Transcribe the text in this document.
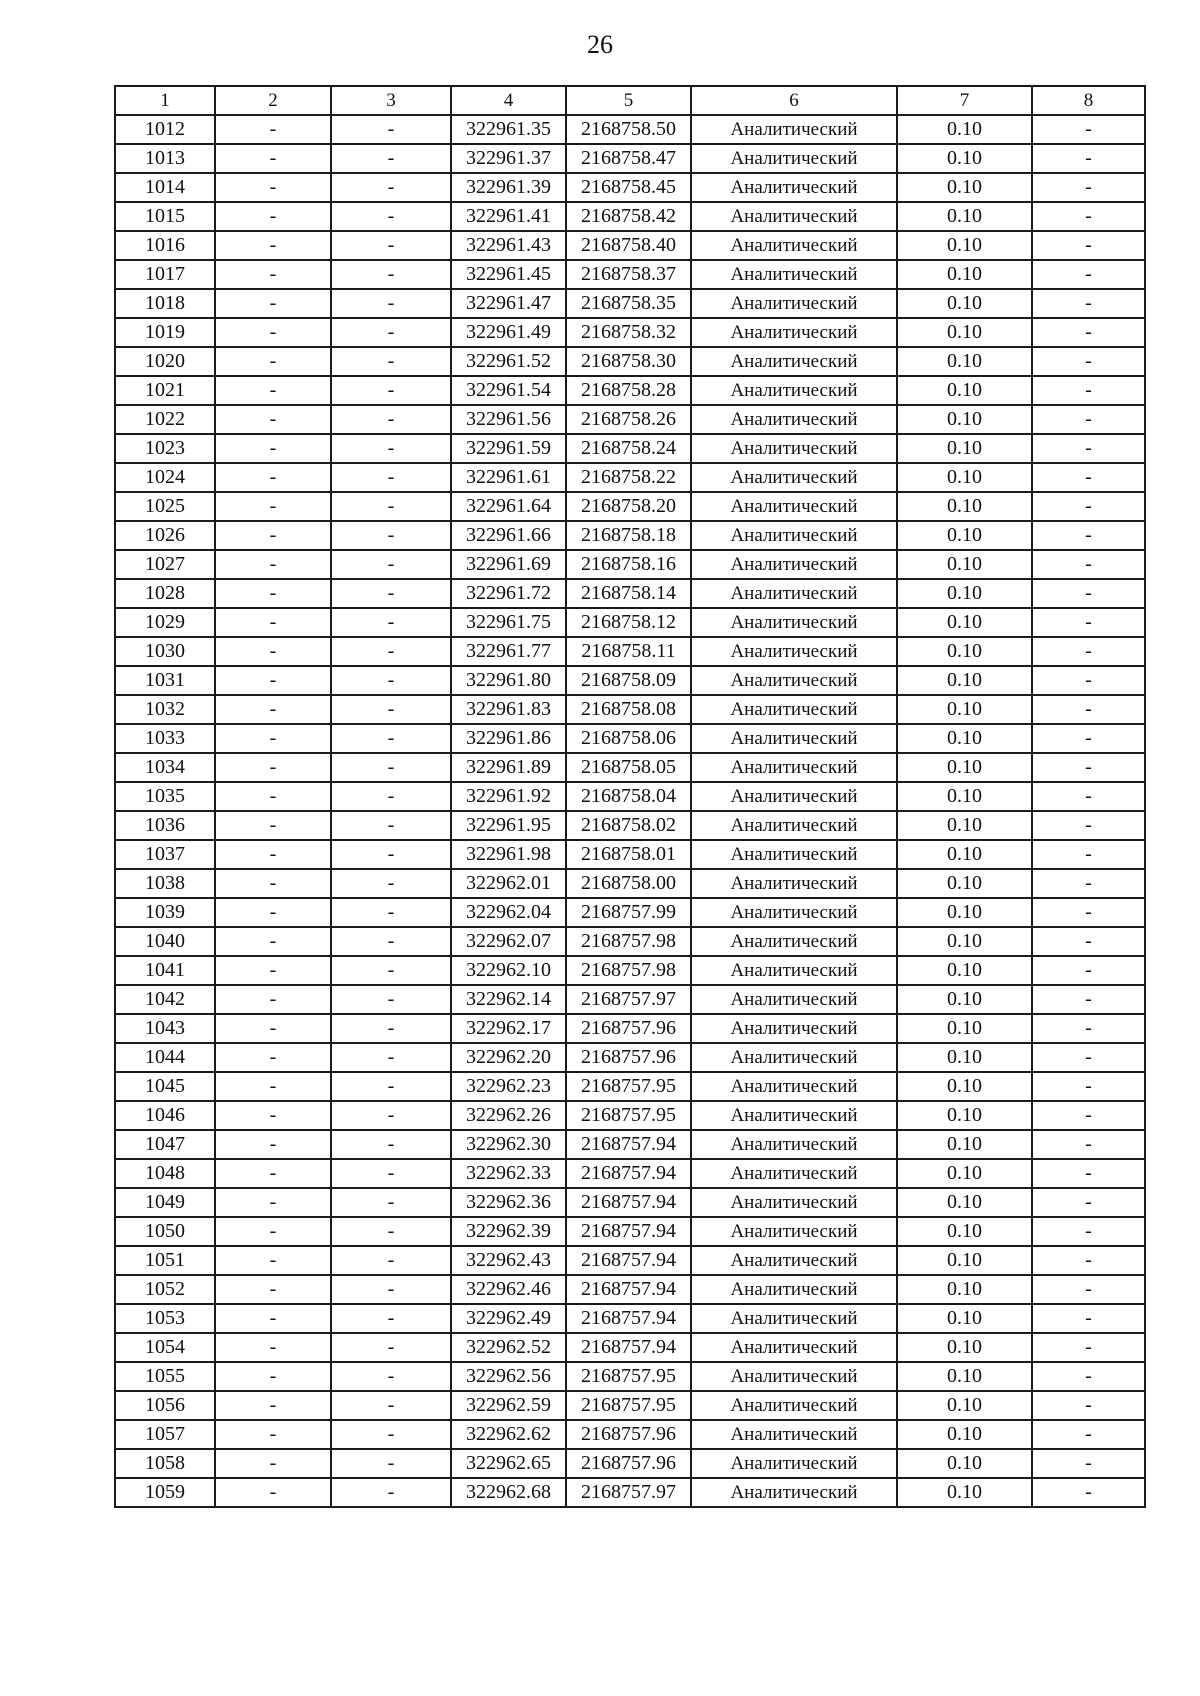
26
1	2	3	4	5	6	7	8
1012	-	-	322961.35	2168758.50	Аналитический	0.10	-
1013	-	-	322961.37	2168758.47	Аналитический	0.10	-
1014	-	-	322961.39	2168758.45	Аналитический	0.10	-
1015	-	-	322961.41	2168758.42	Аналитический	0.10	-
1016	-	-	322961.43	2168758.40	Аналитический	0.10	-
1017	-	-	322961.45	2168758.37	Аналитический	0.10	-
1018	-	-	322961.47	2168758.35	Аналитический	0.10	-
1019	-	-	322961.49	2168758.32	Аналитический	0.10	-
1020	-	-	322961.52	2168758.30	Аналитический	0.10	-
1021	-	-	322961.54	2168758.28	Аналитический	0.10	-
1022	-	-	322961.56	2168758.26	Аналитический	0.10	-
1023	-	-	322961.59	2168758.24	Аналитический	0.10	-
1024	-	-	322961.61	2168758.22	Аналитический	0.10	-
1025	-	-	322961.64	2168758.20	Аналитический	0.10	-
1026	-	-	322961.66	2168758.18	Аналитический	0.10	-
1027	-	-	322961.69	2168758.16	Аналитический	0.10	-
1028	-	-	322961.72	2168758.14	Аналитический	0.10	-
1029	-	-	322961.75	2168758.12	Аналитический	0.10	-
1030	-	-	322961.77	2168758.11	Аналитический	0.10	-
1031	-	-	322961.80	2168758.09	Аналитический	0.10	-
1032	-	-	322961.83	2168758.08	Аналитический	0.10	-
1033	-	-	322961.86	2168758.06	Аналитический	0.10	-
1034	-	-	322961.89	2168758.05	Аналитический	0.10	-
1035	-	-	322961.92	2168758.04	Аналитический	0.10	-
1036	-	-	322961.95	2168758.02	Аналитический	0.10	-
1037	-	-	322961.98	2168758.01	Аналитический	0.10	-
1038	-	-	322962.01	2168758.00	Аналитический	0.10	-
1039	-	-	322962.04	2168757.99	Аналитический	0.10	-
1040	-	-	322962.07	2168757.98	Аналитический	0.10	-
1041	-	-	322962.10	2168757.98	Аналитический	0.10	-
1042	-	-	322962.14	2168757.97	Аналитический	0.10	-
1043	-	-	322962.17	2168757.96	Аналитический	0.10	-
1044	-	-	322962.20	2168757.96	Аналитический	0.10	-
1045	-	-	322962.23	2168757.95	Аналитический	0.10	-
1046	-	-	322962.26	2168757.95	Аналитический	0.10	-
1047	-	-	322962.30	2168757.94	Аналитический	0.10	-
1048	-	-	322962.33	2168757.94	Аналитический	0.10	-
1049	-	-	322962.36	2168757.94	Аналитический	0.10	-
1050	-	-	322962.39	2168757.94	Аналитический	0.10	-
1051	-	-	322962.43	2168757.94	Аналитический	0.10	-
1052	-	-	322962.46	2168757.94	Аналитический	0.10	-
1053	-	-	322962.49	2168757.94	Аналитический	0.10	-
1054	-	-	322962.52	2168757.94	Аналитический	0.10	-
1055	-	-	322962.56	2168757.95	Аналитический	0.10	-
1056	-	-	322962.59	2168757.95	Аналитический	0.10	-
1057	-	-	322962.62	2168757.96	Аналитический	0.10	-
1058	-	-	322962.65	2168757.96	Аналитический	0.10	-
1059	-	-	322962.68	2168757.97	Аналитический	0.10	-
